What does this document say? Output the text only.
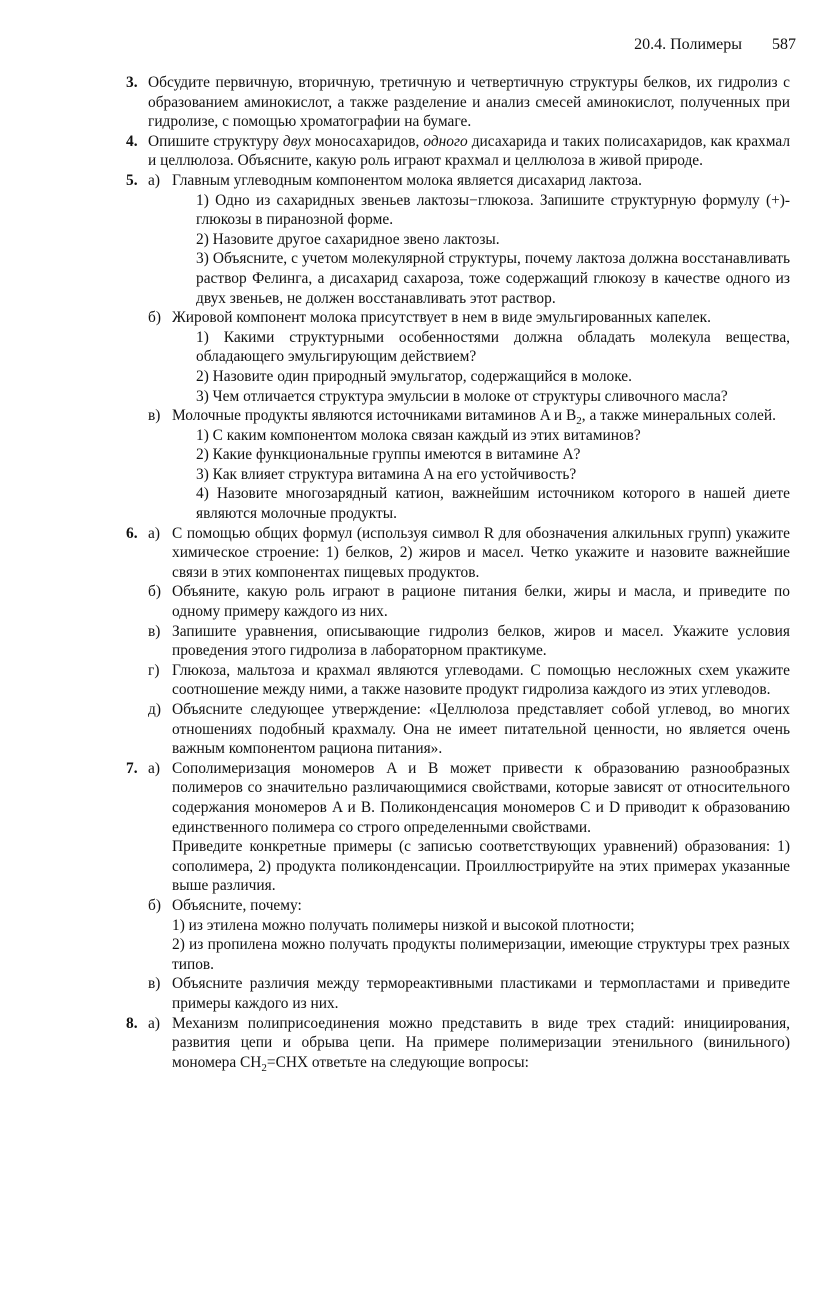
20.4. Полимеры 587
3. Обсудите первичную, вторичную, третичную и четвертичную структуры белков, их гидролиз с образованием аминокислот, а также разделение и анализ смесей аминокислот, полученных при гидролизе, с помощью хроматографии на бумаге.
4. Опишите структуру двух моносахаридов, одного дисахарида и таких полисахаридов, как крахмал и целлюлоза. Объясните, какую роль играют крахмал и целлюлоза в живой природе.
5. а) Главным углеводным компонентом молока является дисахарид лактоза.
1) Одно из сахаридных звеньев лактозы−глюкоза. Запишите структурную формулу (+)-глюкозы в пиранозной форме.
2) Назовите другое сахаридное звено лактозы.
3) Объясните, с учетом молекулярной структуры, почему лактоза должна восстанавливать раствор Фелинга, а дисахарид сахароза, тоже содержащий глюкозу в качестве одного из двух звеньев, не должен восстанавливать этот раствор.
б) Жировой компонент молока присутствует в нем в виде эмульгированных капелек.
1) Какими структурными особенностями должна обладать молекула вещества, обладающего эмульгирующим действием?
2) Назовите один природный эмульгатор, содержащийся в молоке.
3) Чем отличается структура эмульсии в молоке от структуры сливочного масла?
в) Молочные продукты являются источниками витаминов A и $B_2$, а также минеральных солей.
1) С каким компонентом молока связан каждый из этих витаминов?
2) Какие функциональные группы имеются в витамине A?
3) Как влияет структура витамина A на его устойчивость?
4) Назовите многозарядный катион, важнейшим источником которого в нашей диете являются молочные продукты.
6. а) С помощью общих формул (используя символ R для обозначения алкильных групп) укажите химическое строение: 1) белков, 2) жиров и масел. Четко укажите и назовите важнейшие связи в этих компонентах пищевых продуктов.
б) Объяните, какую роль играют в рационе питания белки, жиры и масла, и приведите по одному примеру каждого из них.
в) Запишите уравнения, описывающие гидролиз белков, жиров и масел. Укажите условия проведения этого гидролиза в лабораторном практикуме.
г) Глюкоза, мальтоза и крахмал являются углеводами. С помощью несложных схем укажите соотношение между ними, а также назовите продукт гидролиза каждого из этих углеводов.
д) Объясните следующее утверждение: «Целлюлоза представляет собой углевод, во многих отношениях подобный крахмалу. Она не имеет питательной ценности, но является очень важным компонентом рациона питания».
7. а) Сополимеризация мономеров A и B может привести к образованию разнообразных полимеров со значительно различающимися свойствами, которые зависят от относительного содержания мономеров A и B. Поликонденсация мономеров C и D приводит к образованию единственного полимера со строго определенными свойствами.
Приведите конкретные примеры (с записью соответствующих уравнений) образования: 1) сополимера, 2) продукта поликонденсации. Проиллюстрируйте на этих примерах указанные выше различия.
б) Объясните, почему:
1) из этилена можно получать полимеры низкой и высокой плотности;
2) из пропилена можно получать продукты полимеризации, имеющие структуры трех разных типов.
в) Объясните различия между термореактивными пластиками и термопластами и приведите примеры каждого из них.
8. а) Механизм полиприсоединения можно представить в виде трех стадий: инициирования, развития цепи и обрыва цепи. На примере полимеризации этенильного (винильного) мономера $CH_2=CHX$ ответьте на следующие вопросы:
